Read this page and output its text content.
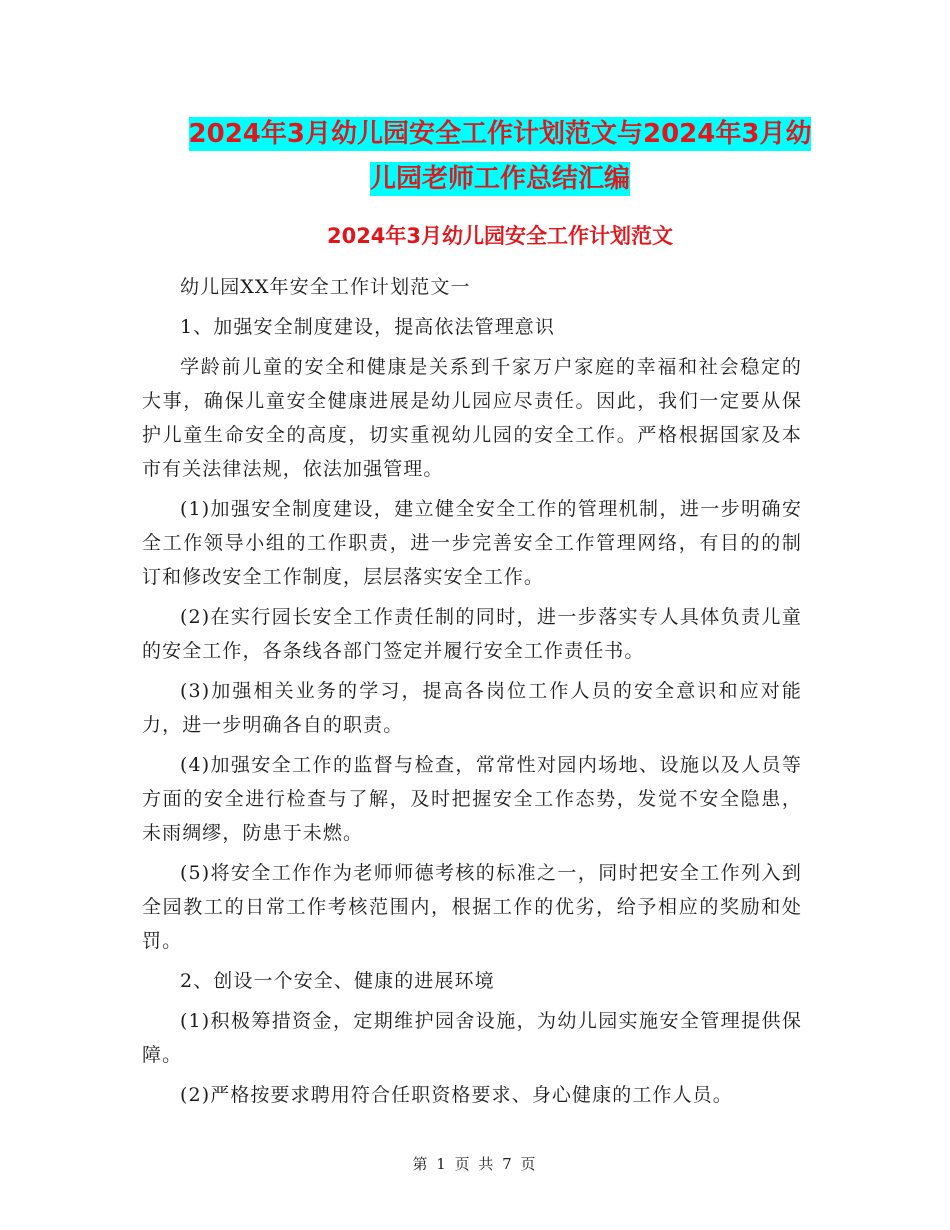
2024年3月幼儿园安全工作计划范文与2024年3月幼
儿园老师工作总结汇编
2024年3月幼儿园安全工作计划范文

幼儿园XX年安全工作计划范文一

1、加强安全制度建设，提高依法管理意识

学龄前儿童的安全和健康是关系到千家万户家庭的幸福和社会稳定的大事，确保儿童安全健康进展是幼儿园应尽责任。因此，我们一定要从保护儿童生命安全的高度，切实重视幼儿园的安全工作。严格根据国家及本市有关法律法规，依法加强管理。

(1)加强安全制度建设，建立健全安全工作的管理机制，进一步明确安全工作领导小组的工作职责，进一步完善安全工作管理网络，有目的的制订和修改安全工作制度，层层落实安全工作。

(2)在实行园长安全工作责任制的同时，进一步落实专人具体负责儿童的安全工作，各条线各部门签定并履行安全工作责任书。

(3)加强相关业务的学习，提高各岗位工作人员的安全意识和应对能力，进一步明确各自的职责。

(4)加强安全工作的监督与检查，常常性对园内场地、设施以及人员等方面的安全进行检查与了解，及时把握安全工作态势，发觉不安全隐患，未雨绸缪，防患于未燃。

(5)将安全工作作为老师师德考核的标准之一，同时把安全工作列入到全园教工的日常工作考核范围内，根据工作的优劣，给予相应的奖励和处罚。

2、创设一个安全、健康的进展环境

(1)积极筹措资金，定期维护园舍设施，为幼儿园实施安全管理提供保障。

(2)严格按要求聘用符合任职资格要求、身心健康的工作人员。

第 1 页 共 7 页
